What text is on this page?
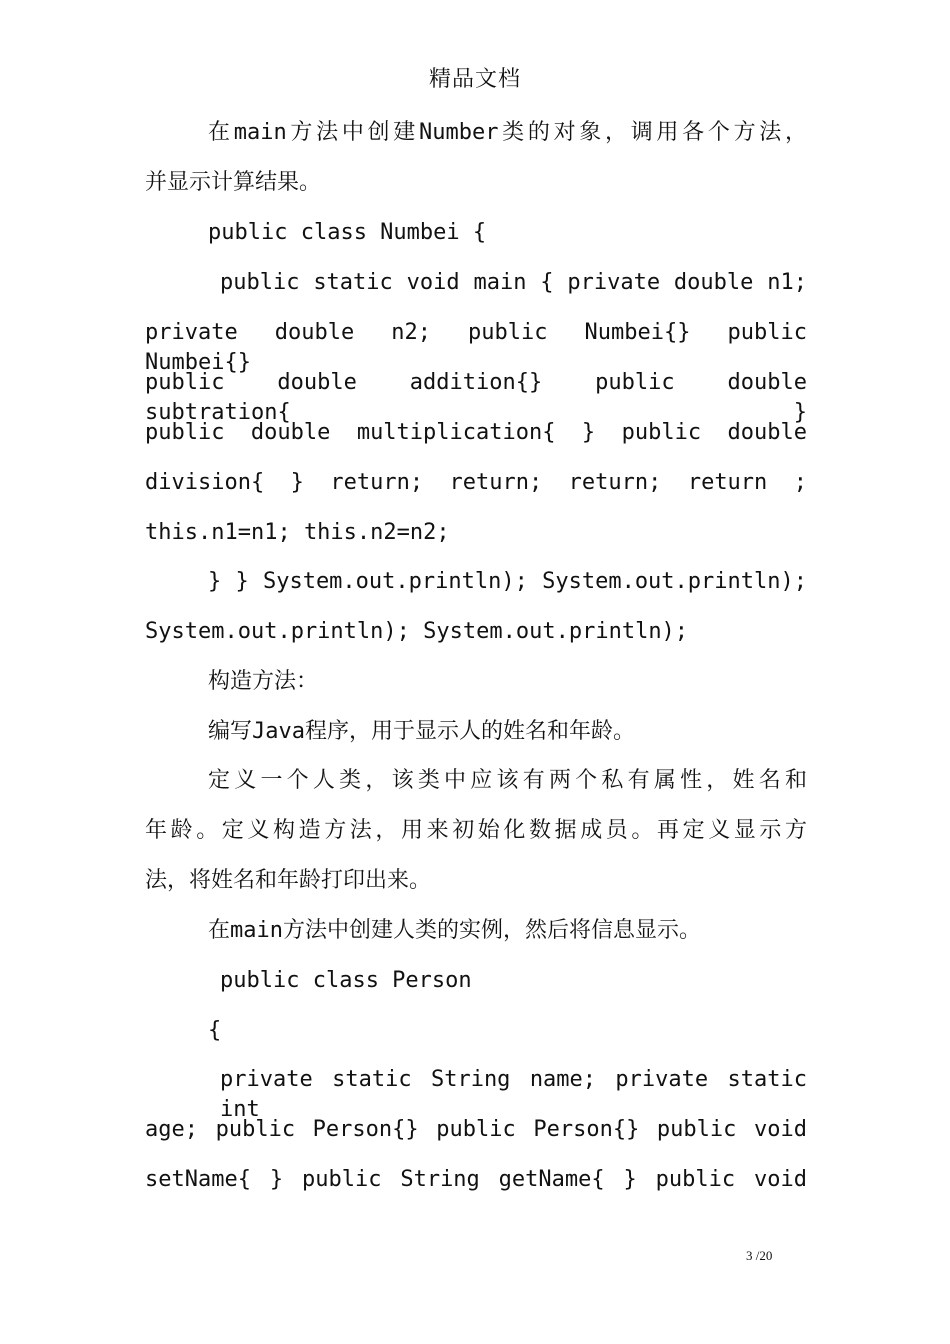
精品文档
在main方法中创建Number类的对象，调用各个方法，
并显示计算结果。
public class Numbei {
public static void main { private double n1;
private double n2; public Numbei{} public Numbei{}
public double addition{} public double subtration{ }
public double multiplication{ } public double
division{ } return; return; return; return ;
this.n1=n1; this.n2=n2;
} } System.out.println); System.out.println);
System.out.println); System.out.println);
构造方法：
编写Java程序，用于显示人的姓名和年龄。
定义一个人类，该类中应该有两个私有属性，姓名和
年龄。定义构造方法，用来初始化数据成员。再定义显示方
法，将姓名和年龄打印出来。
在main方法中创建人类的实例，然后将信息显示。
public class Person
{
private static String name; private static int
age; public Person{} public Person{} public void
setName{ } public String getName{ } public void
3 /20
